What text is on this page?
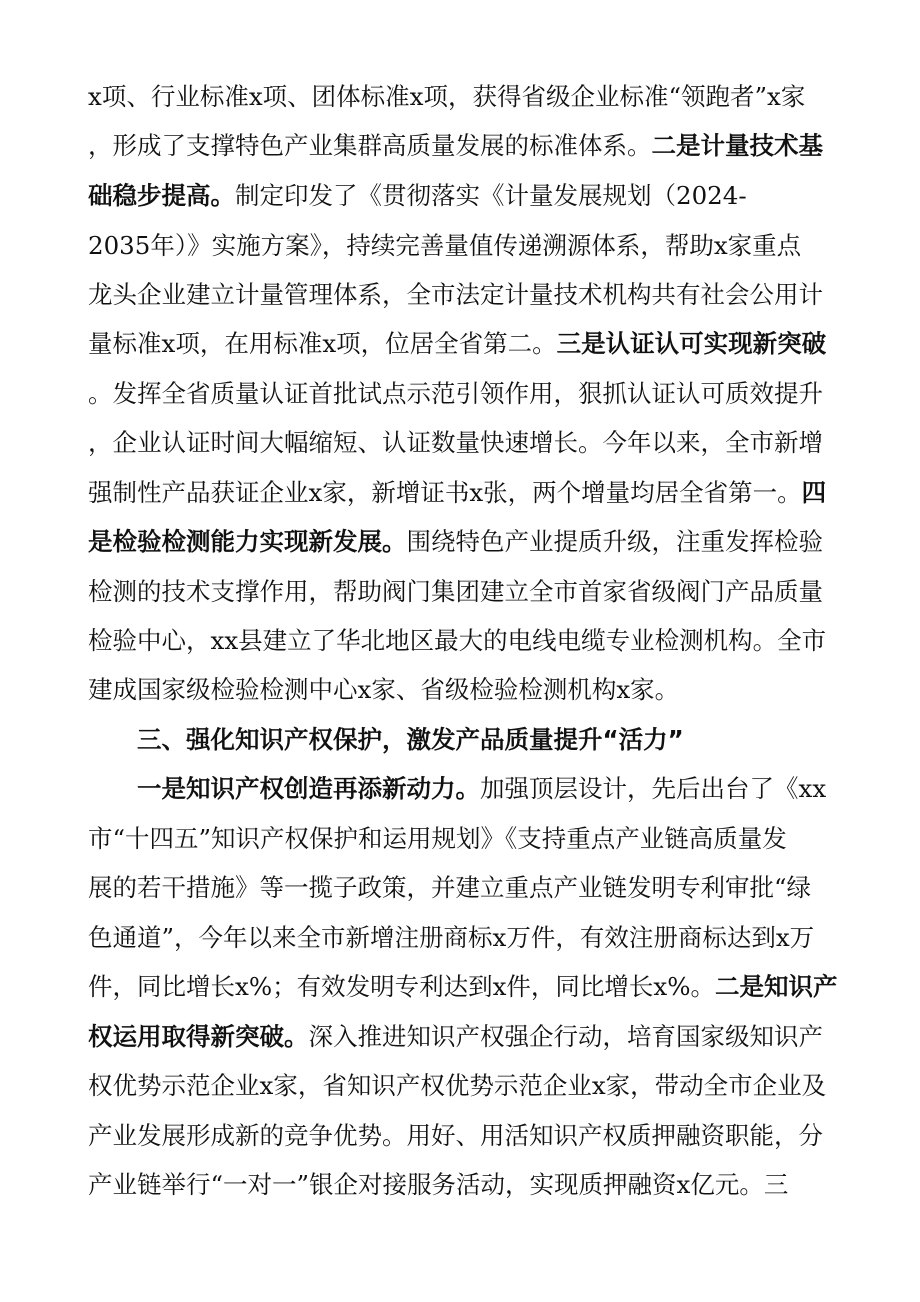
x项、行业标准x项、团体标准x项，获得省级企业标准“领跑者”x家
，形成了支撑特色产业集群高质量发展的标准体系。二是计量技术基
础稳步提高。制定印发了《贯彻落实《计量发展规划（2024-
2035年）》实施方案》，持续完善量值传递溯源体系，帮助x家重点
龙头企业建立计量管理体系，全市法定计量技术机构共有社会公用计
量标准x项，在用标准x项，位居全省第二。三是认证认可实现新突破
。发挥全省质量认证首批试点示范引领作用，狠抓认证认可质效提升
，企业认证时间大幅缩短、认证数量快速增长。今年以来，全市新增
强制性产品获证企业x家，新增证书x张，两个增量均居全省第一。四
是检验检测能力实现新发展。围绕特色产业提质升级，注重发挥检验
检测的技术支撑作用，帮助阀门集团建立全市首家省级阀门产品质量
检验中心，xx县建立了华北地区最大的电线电缆专业检测机构。全市
建成国家级检验检测中心x家、省级检验检测机构x家。
三、强化知识产权保护，激发产品质量提升“活力”
一是知识产权创造再添新动力。加强顶层设计，先后出台了《xx
市“十四五”知识产权保护和运用规划》《支持重点产业链高质量发
展的若干措施》等一揽子政策，并建立重点产业链发明专利审批“绿
色通道”，今年以来全市新增注册商标x万件，有效注册商标达到x万
件，同比增长x%；有效发明专利达到x件，同比增长x%。二是知识产
权运用取得新突破。深入推进知识产权强企行动，培育国家级知识产
权优势示范企业x家，省知识产权优势示范企业x家，带动全市企业及
产业发展形成新的竞争优势。用好、用活知识产权质押融资职能，分
产业链举行“一对一”银企对接服务活动，实现质押融资x亿元。三
